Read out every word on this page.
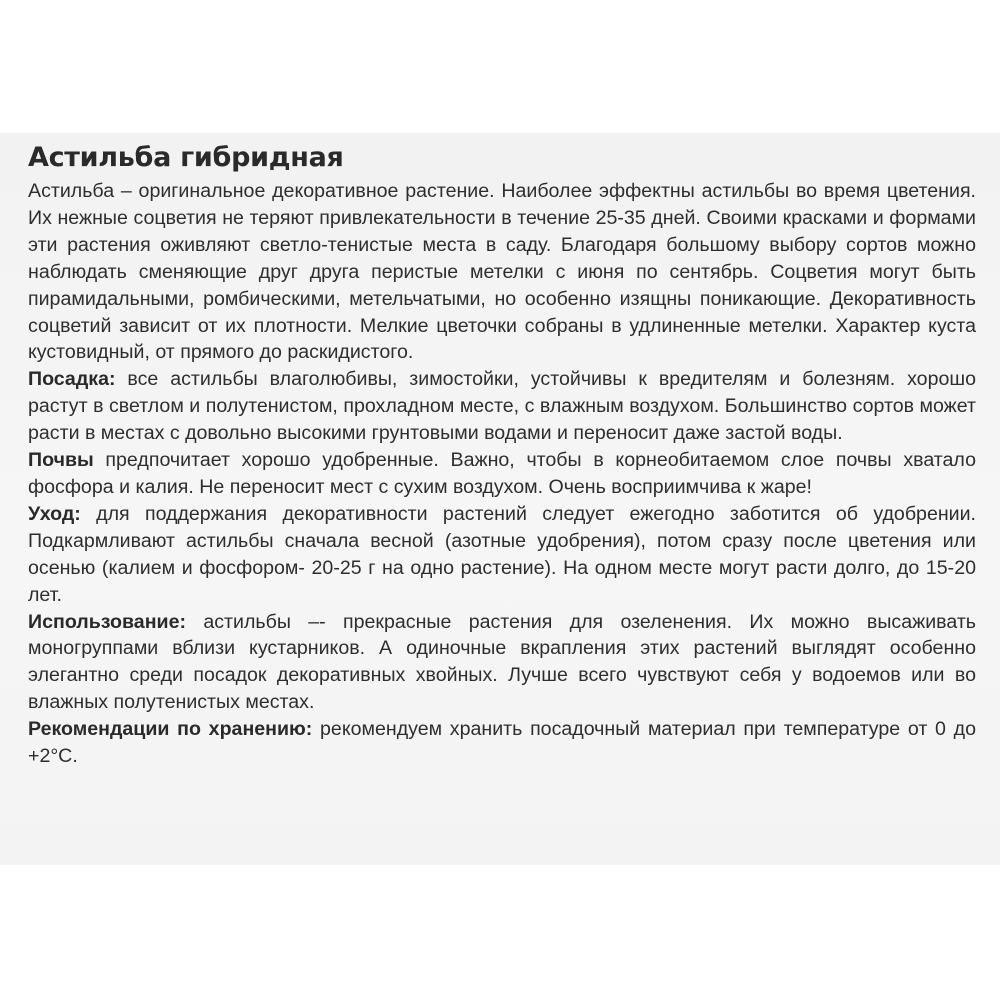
Астильба гибридная

Астильба – оригинальное декоративное растение. Наиболее эффектны астильбы во время цветения. Их нежные соцветия не теряют привлекательности в течение 25-35 дней. Своими красками и формами эти растения оживляют светло-тенистые места в саду. Благодаря большому выбору сортов можно наблюдать сменяющие друг друга перистые метелки с июня по сентябрь. Соцветия могут быть пирамидальными, ромбическими, метельчатыми, но особенно изящны поникающие. Декоративность соцветий зависит от их плотности. Мелкие цветочки собраны в удлиненные метелки. Характер куста кустовидный, от прямого до раскидистого.

Посадка: все астильбы влаголюбивы, зимостойки, устойчивы к вредителям и болезням. хорошо растут в светлом и полутенистом, прохладном месте, с влажным воздухом. Большинство сортов может расти в местах с довольно высокими грунтовыми водами и переносит даже застой воды.

Почвы предпочитает хорошо удобренные. Важно, чтобы в корнеобитаемом слое почвы хватало фосфора и калия. Не переносит мест с сухим воздухом. Очень восприимчива к жаре!

Уход: для поддержания декоративности растений следует ежегодно заботится об удобрении. Подкармливают астильбы сначала весной (азотные удобрения), потом сразу после цветения или осенью (калием и фосфором- 20-25 г на одно растение). На одном месте могут расти долго, до 15-20 лет.

Использование: астильбы –- прекрасные растения для озеленения. Их можно высаживать моногруппами вблизи кустарников. А одиночные вкрапления этих растений выглядят особенно элегантно среди посадок декоративных хвойных. Лучше всего чувствуют себя у водоемов или во влажных полутенистых местах.

Рекомендации по хранению: рекомендуем хранить посадочный материал при температуре от 0 до +2°С.
